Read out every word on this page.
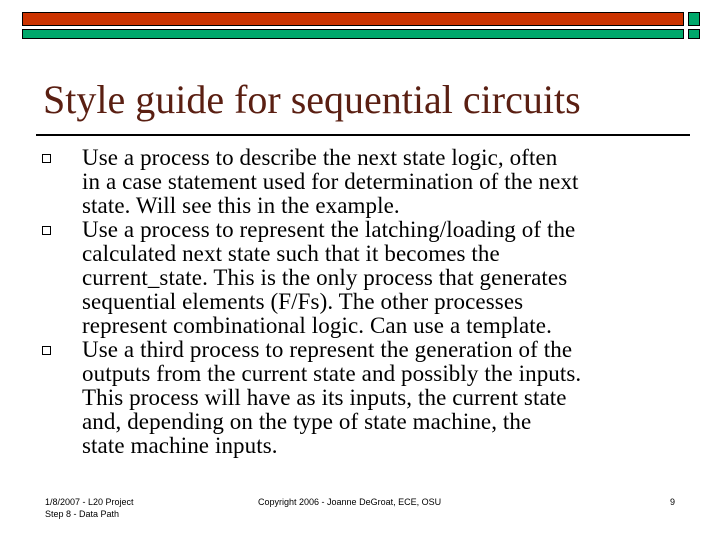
Style guide for sequential circuits
Use a process to describe the next state logic, often
in a case statement used for determination of the next
state. Will see this in the example.
Use a process to represent the latching/loading of the
calculated next state such that it becomes the
current_state. This is the only process that generates
sequential elements (F/Fs). The other processes
represent combinational logic. Can use a template.
Use a third process to represent the generation of the
outputs from the current state and possibly the inputs.
This process will have as its inputs, the current state
and, depending on the type of state machine, the
state machine inputs.
1/8/2007 - L20 Project
Step 8 - Data Path
Copyright 2006 - Joanne DeGroat, ECE, OSU	9
